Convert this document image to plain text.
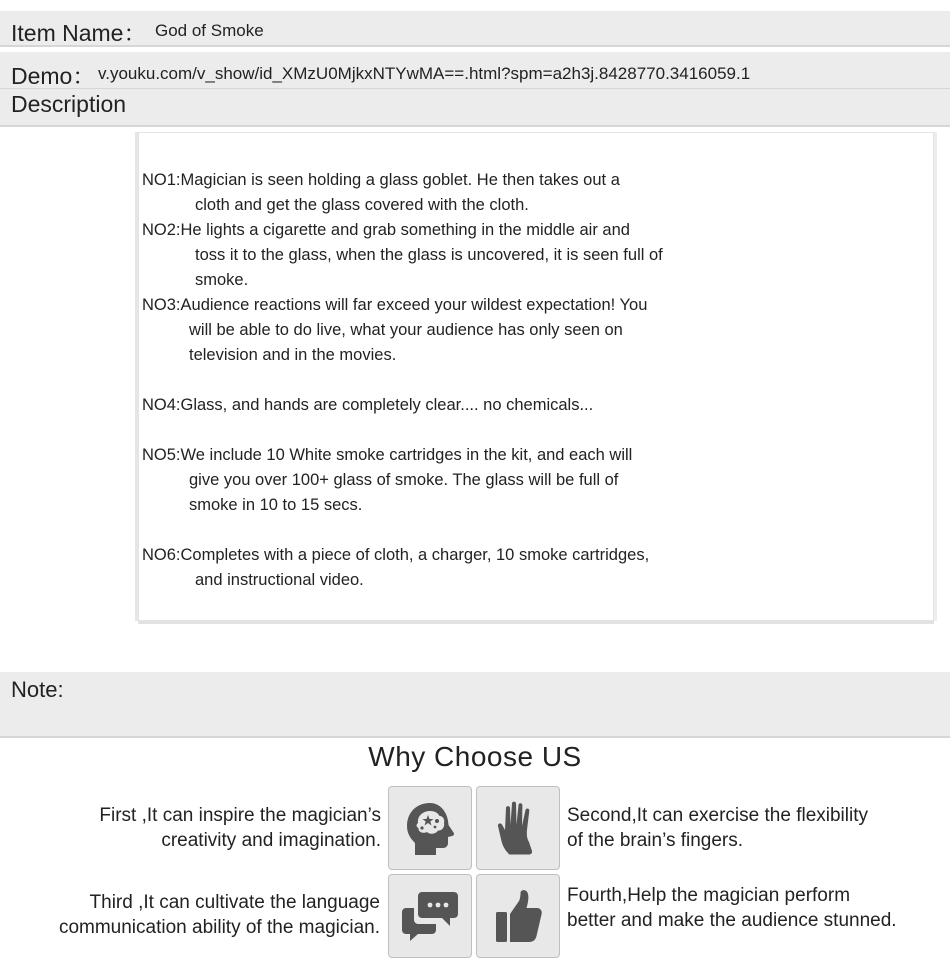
Item Name： God of Smoke
Demo： v.youku.com/v_show/id_XMzU0MjkxNTYwMA==.html?spm=a2h3j.8428770.3416059.1
Description

NO1:Magician is seen holding a glass goblet. He then takes out a
cloth and get the glass covered with the cloth.

NO2:He lights a cigarette and grab something in the middle air and
toss it to the glass, when the glass is uncovered, it is seen full of
smoke.

NO3:Audience reactions will far exceed your wildest expectation! You
will be able to do live, what your audience has only seen on
television and in the movies.

NO4:Glass, and hands are completely clear.... no chemicals...

NO5:We include 10 White smoke cartridges in the kit, and each will
give you over 100+ glass of smoke. The glass will be full of
smoke in 10 to 15 secs.

NO6:Completes with a piece of cloth, a charger, 10 smoke cartridges,
and instructional video.

Note:
Why Choose US
First ,It can inspire the magician’s
creativity and imagination.
Second,It can exercise the flexibility
of the brain’s fingers.
Third ,It can cultivate the language
communication ability of the magician.
Fourth,Help the magician perform
better and make the audience stunned.
